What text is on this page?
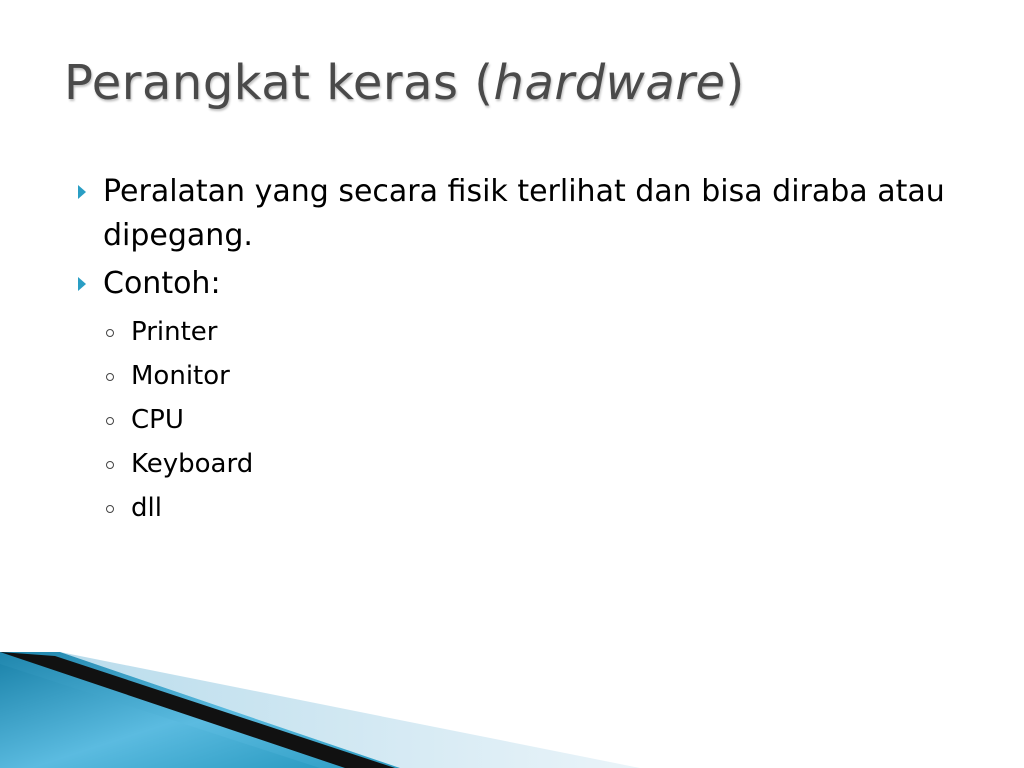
Perangkat keras (hardware)
Peralatan yang secara fisik terlihat dan bisa diraba atau dipegang.
Contoh:
Printer
Monitor
CPU
Keyboard
dll
